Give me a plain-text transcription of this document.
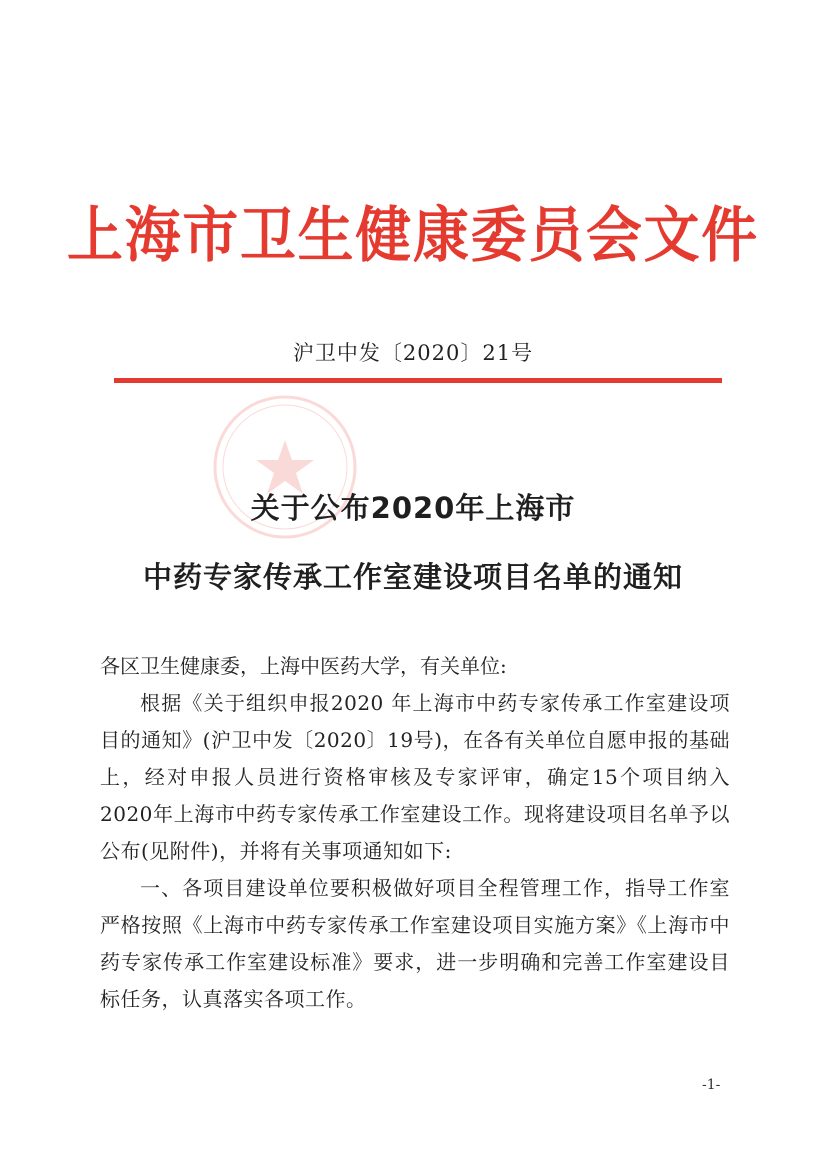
上海市卫生健康委员会文件
沪卫中发〔2020〕21号
关于公布2020年上海市
中药专家传承工作室建设项目名单的通知

各区卫生健康委，上海中医药大学，有关单位:

根据《关于组织申报2020 年上海市中药专家传承工作室建设项目的通知》(沪卫中发〔2020〕19号)，在各有关单位自愿申报的基础上，经对申报人员进行资格审核及专家评审，确定15个项目纳入2020年上海市中药专家传承工作室建设工作。现将建设项目名单予以公布(见附件)，并将有关事项通知如下:

一、各项目建设单位要积极做好项目全程管理工作，指导工作室严格按照《上海市中药专家传承工作室建设项目实施方案》《上海市中药专家传承工作室建设标准》要求，进一步明确和完善工作室建设目标任务，认真落实各项工作。

-1-
